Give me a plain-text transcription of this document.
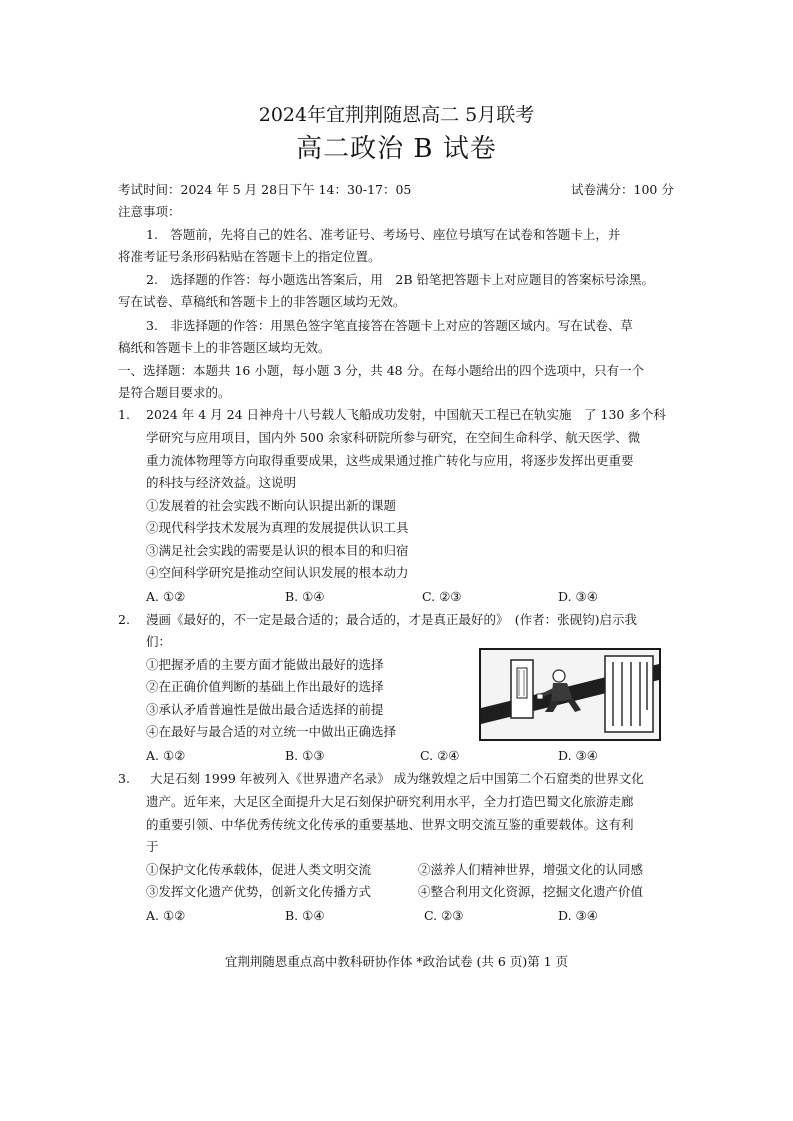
2024年宜荆荆随恩高二 5月联考
高二政治 B 试卷
考试时间：2024 年 5 月 28日下午 14：30-17：05	试卷满分：100 分
注意事项：
1.　答题前，先将自己的姓名、准考证号、考场号、座位号填写在试卷和答题卡上，并
将准考证号条形码粘贴在答题卡上的指定位置。
2.　选择题的作答：每小题选出答案后，用　2B 铅笔把答题卡上对应题目的答案标号涂黑。
写在试卷、草稿纸和答题卡上的非答题区域均无效。
3.　非选择题的作答：用黑色签字笔直接答在答题卡上对应的答题区域内。写在试卷、草
稿纸和答题卡上的非答题区域均无效。
一、选择题：本题共 16 小题，每小题 3 分，共 48 分。在每小题给出的四个选项中，只有一个
是符合题目要求的。
1. 2024 年 4 月 24 日神舟十八号载人飞船成功发射，中国航天工程已在轨实施　了 130 多个科
学研究与应用项目，国内外 500 余家科研院所参与研究，在空间生命科学、航天医学、微
重力流体物理等方向取得重要成果，这些成果通过推广转化与应用，将逐步发挥出更重要
的科技与经济效益。这说明
①发展着的社会实践不断向认识提出新的课题
②现代科学技术发展为真理的发展提供认识工具
③满足社会实践的需要是认识的根本目的和归宿
④空间科学研究是推动空间认识发展的根本动力
A. ①②	B. ①④	C. ②③	D. ③④
2. 漫画《最好的，不一定是最合适的；最合适的，才是真正最好的》　(作者：张砚钧)启示我
们：
①把握矛盾的主要方面才能做出最好的选择
②在正确价值判断的基础上作出最好的选择
③承认矛盾普遍性是做出最合适选择的前提
④在最好与最合适的对立统一中做出正确选择
A. ①②	B. ①③	C. ②④	D. ③④
3. 大足石刻 1999 年被列入《世界遗产名录》 成为继敦煌之后中国第二个石窟类的世界文化
遗产。近年来，大足区全面提升大足石刻保护研究利用水平，全力打造巴蜀文化旅游走廊
的重要引领、中华优秀传统文化传承的重要基地、世界文明交流互鉴的重要载体。这有利
于
①保护文化传承载体，促进人类文明交流	②滋养人们精神世界，增强文化的认同感
③发挥文化遗产优势，创新文化传播方式	④整合利用文化资源，挖掘文化遗产价值
A. ①②	B. ①④	C. ②③	D. ③④
宜荆荆随恩重点高中教科研协作体 *政治试卷 (共 6 页)第 1 页
